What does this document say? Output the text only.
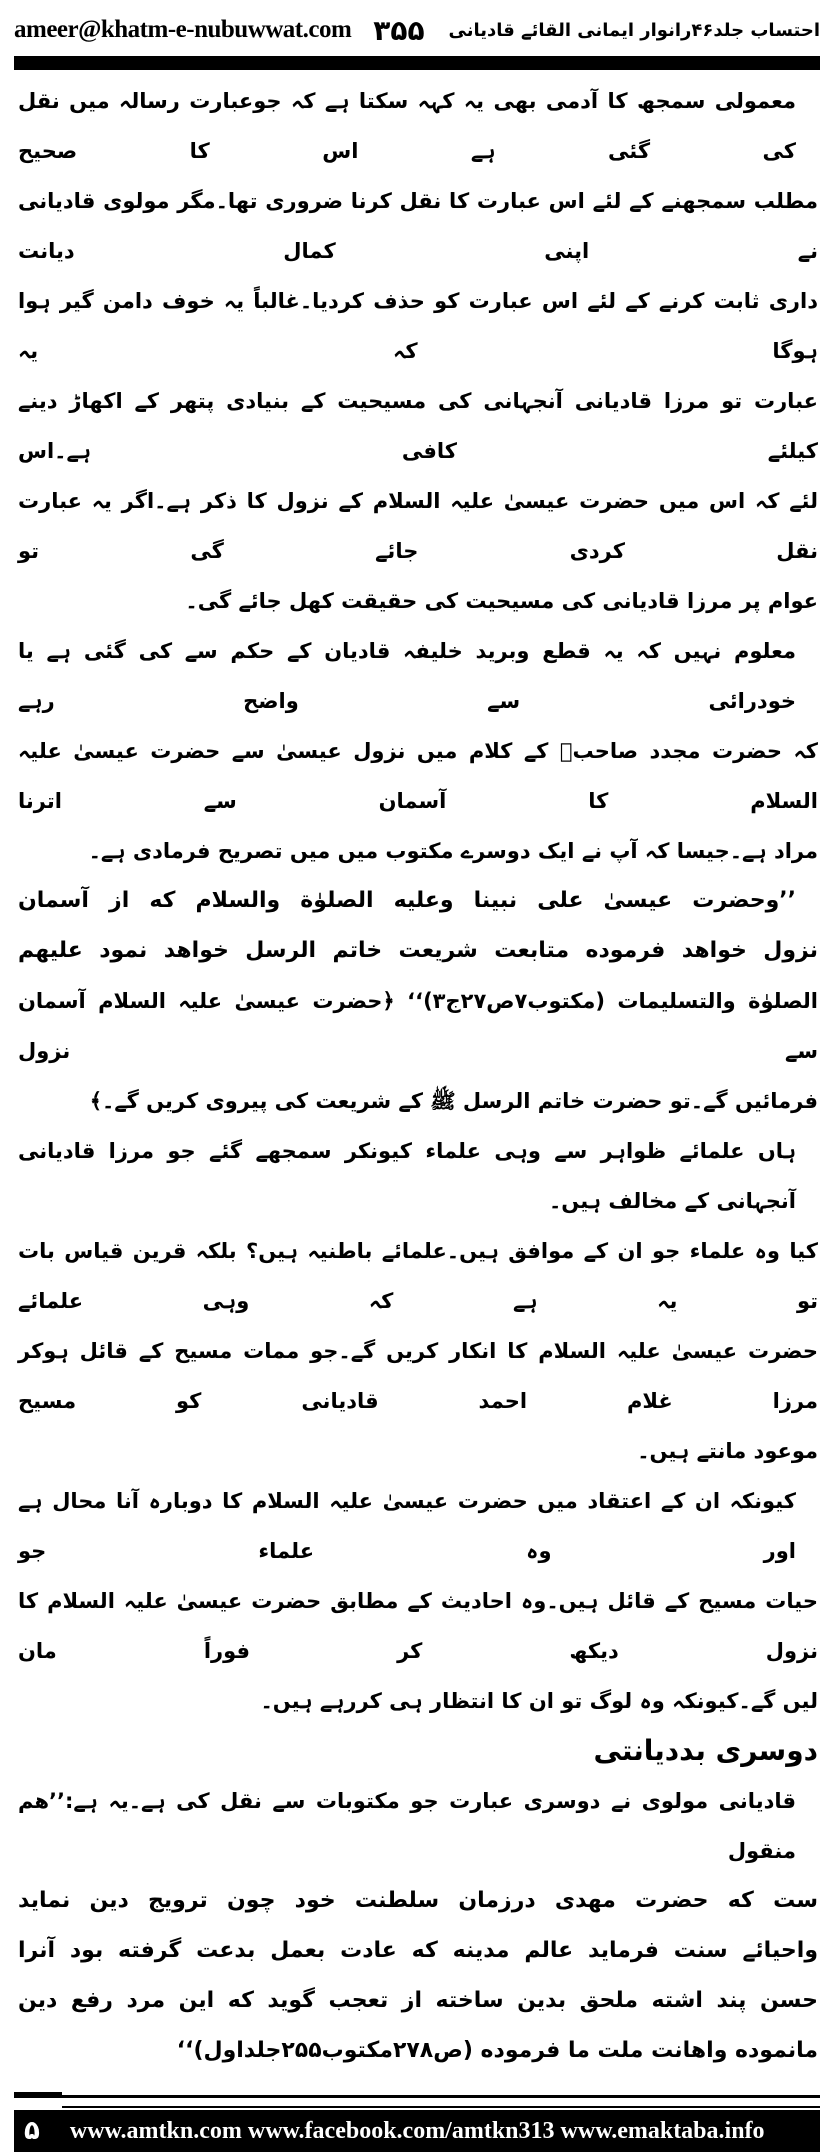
ameer@khatm-e-nubuwwat.com ۳۵۵ احتساب جلد۴۶رانوار ایمانی القائے قادیانی
معمولی سمجھ کا آدمی بھی یہ کہہ سکتا ہے کہ جوعبارت رسالہ میں نقل کی گئی ہے اس کا صحیح
مطلب سمجھنے کے لئے اس عبارت کا نقل کرنا ضروری تھا۔مگر مولوی قادیانی نے اپنی کمال دیانت
داری ثابت کرنے کے لئے اس عبارت کو حذف کردیا۔غالباً یہ خوف دامن گیر ہوا ہوگا کہ یہ
عبارت تو مرزا قادیانی آنجہانی کی مسیحیت کے بنیادی پتھر کے اکھاڑ دینے کیلئے کافی ہے۔اس
لئے کہ اس میں حضرت عیسیٰ علیہ السلام کے نزول کا ذکر ہے۔اگر یہ عبارت نقل کردی جائے گی تو
عوام پر مرزا قادیانی کی مسیحیت کی حقیقت کھل جائے گی۔
معلوم نہیں کہ یہ قطع وبرید خلیفہ قادیان کے حکم سے کی گئی ہے یا خودرائی سے واضح رہے
کہ حضرت مجدد صاحبؒ کے کلام میں نزول عیسیٰ سے حضرت عیسیٰ علیہ السلام کا آسمان سے اترنا
مراد ہے۔جیسا کہ آپ نے ایک دوسرے مکتوب میں میں تصریح فرمادی ہے۔
’’وحضرت عیسیٰ علی نبینا وعلیه الصلوٰة والسلام که از آسمان
نزول خواهد فرموده متابعت شریعت خاتم الرسل خواهد نمود علیهم
الصلوٰة والتسلیمات (مکتوب۷ص۲۷ج۳)‘‘ ﴿حضرت عیسیٰ علیہ السلام آسمان سے نزول
فرمائیں گے۔تو حضرت خاتم الرسل ﷺ کے شریعت کی پیروی کریں گے۔﴾
ہاں علمائے ظواہر سے وہی علماء کیونکر سمجھے گئے جو مرزا قادیانی آنجہانی کے مخالف ہیں۔
کیا وہ علماء جو ان کے موافق ہیں۔علمائے باطنیہ ہیں؟ بلکہ قرین قیاس بات تو یہ ہے کہ وہی علمائے
حضرت عیسیٰ علیہ السلام کا انکار کریں گے۔جو ممات مسیح کے قائل ہوکر مرزا غلام احمد قادیانی کو مسیح
موعود مانتے ہیں۔
کیونکہ ان کے اعتقاد میں حضرت عیسیٰ علیہ السلام کا دوبارہ آنا محال ہے اور وہ علماء جو
حیات مسیح کے قائل ہیں۔وہ احادیث کے مطابق حضرت عیسیٰ علیہ السلام کا نزول دیکھ کر فوراً مان
لیں گے۔کیونکہ وہ لوگ تو ان کا انتظار ہی کررہے ہیں۔
دوسری بددیانتی
قادیانی مولوی نے دوسری عبارت جو مکتوبات سے نقل کی ہے۔یہ ہے:’’هم منقول
ست که حضرت مهدی درزمان سلطنت خود چون ترویج دین نماید
واحیائے سنت فرماید عالم مدینه که عادت بعمل بدعت گرفته بود آنرا
حسن پند اشته ملحق بدین ساخته از تعجب گوید که این مرد رفع دین
مانموده واهانت ملت ما فرموده (ص۲۷۸مکتوب۲۵۵جلداول)‘‘
۵ www.amtkn.com www.facebook.com/amtkn313 www.emaktaba.info
